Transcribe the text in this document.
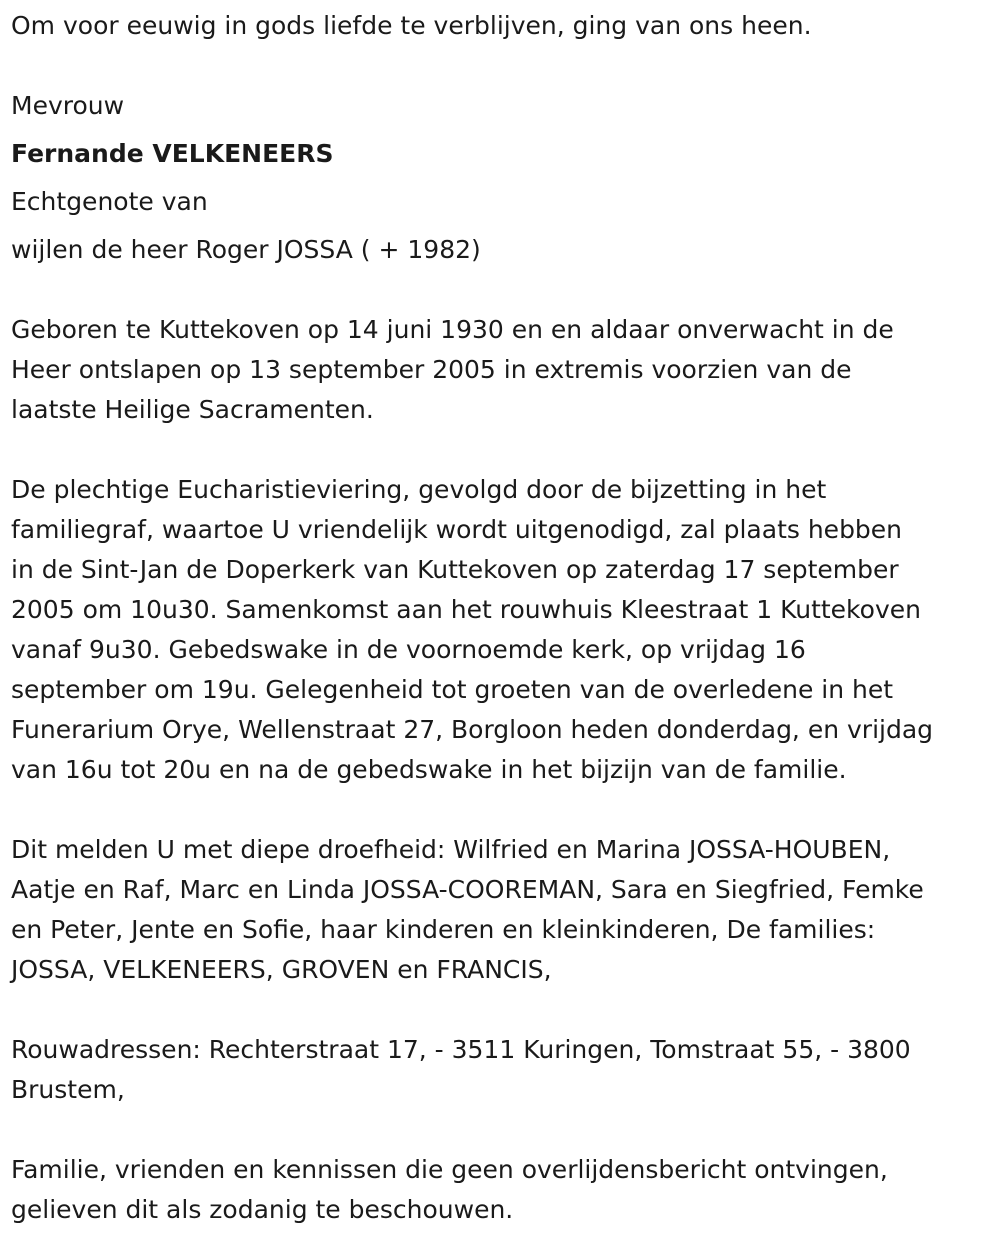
Om voor eeuwig in gods liefde te verblijven, ging van ons heen.
Mevrouw
Fernande VELKENEERS
Echtgenote van
wijlen de heer Roger JOSSA ( + 1982)
Geboren te Kuttekoven op 14 juni 1930 en en aldaar onverwacht in de
Heer ontslapen op 13 september 2005 in extremis voorzien van de
laatste Heilige Sacramenten.
De plechtige Eucharistieviering, gevolgd door de bijzetting in het
familiegraf, waartoe U vriendelijk wordt uitgenodigd, zal plaats hebben
in de Sint-Jan de Doperkerk van Kuttekoven op zaterdag 17 september
2005 om 10u30. Samenkomst aan het rouwhuis Kleestraat 1 Kuttekoven
vanaf 9u30. Gebedswake in de voornoemde kerk, op vrijdag 16
september om 19u. Gelegenheid tot groeten van de overledene in het
Funerarium Orye, Wellenstraat 27, Borgloon heden donderdag, en vrijdag
van 16u tot 20u en na de gebedswake in het bijzijn van de familie.
Dit melden U met diepe droefheid: Wilfried en Marina JOSSA-HOUBEN,
Aatje en Raf, Marc en Linda JOSSA-COOREMAN, Sara en Siegfried, Femke
en Peter, Jente en Sofie, haar kinderen en kleinkinderen, De families:
JOSSA, VELKENEERS, GROVEN en FRANCIS,
Rouwadressen: Rechterstraat 17, - 3511 Kuringen, Tomstraat 55, - 3800
Brustem,
Familie, vrienden en kennissen die geen overlijdensbericht ontvingen,
gelieven dit als zodanig te beschouwen.
